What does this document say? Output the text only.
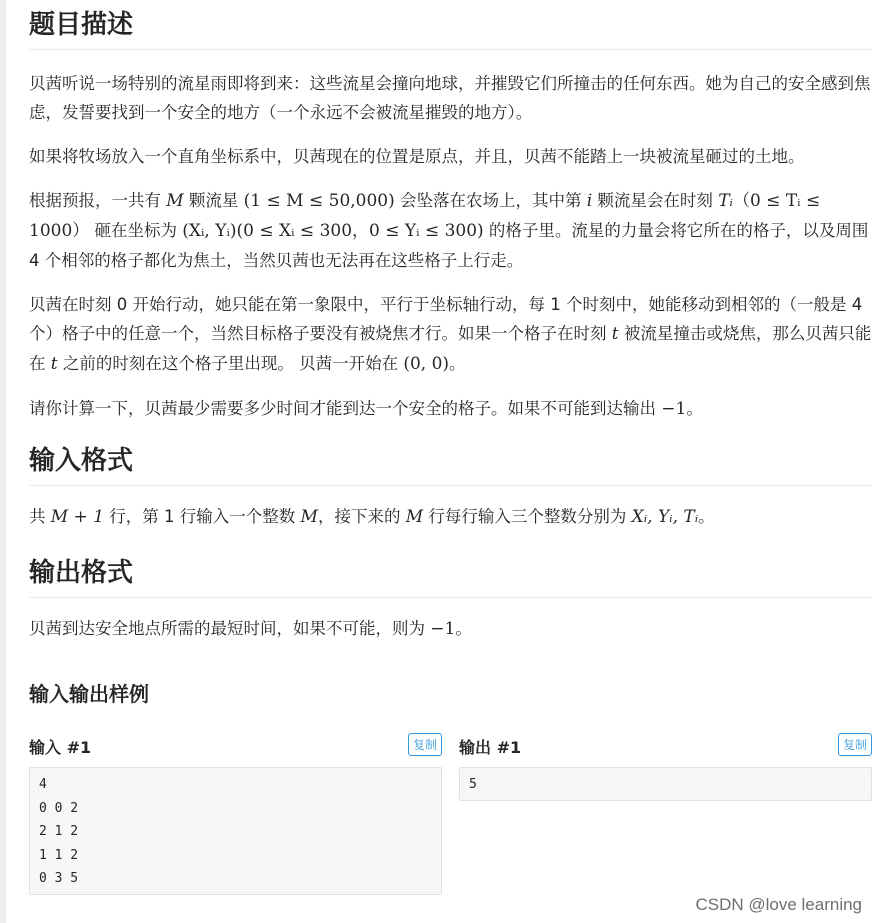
题目描述

贝茜听说一场特别的流星雨即将到来：这些流星会撞向地球，并摧毁它们所撞击的任何东西。她为自己的安全感到焦虑，发誓要找到一个安全的地方（一个永远不会被流星摧毁的地方）。

如果将牧场放入一个直角坐标系中，贝茜现在的位置是原点，并且，贝茜不能踏上一块被流星砸过的土地。

根据预报，一共有 M 颗流星 (1 ≤ M ≤ 50,000) 会坠落在农场上，其中第 i 颗流星会在时刻 Tᵢ（0 ≤ Tᵢ ≤ 1000） 砸在坐标为 (Xᵢ, Yᵢ)(0 ≤ Xᵢ ≤ 300，0 ≤ Yᵢ ≤ 300) 的格子里。流星的力量会将它所在的格子，以及周围 4 个相邻的格子都化为焦土，当然贝茜也无法再在这些格子上行走。

贝茜在时刻 0 开始行动，她只能在第一象限中，平行于坐标轴行动，每 1 个时刻中，她能移动到相邻的（一般是 4 个）格子中的任意一个，当然目标格子要没有被烧焦才行。如果一个格子在时刻 t 被流星撞击或烧焦，那么贝茜只能在 t 之前的时刻在这个格子里出现。 贝茜一开始在 (0, 0)。

请你计算一下，贝茜最少需要多少时间才能到达一个安全的格子。如果不可能到达输出 −1。

输入格式

共 M + 1 行，第 1 行输入一个整数 M，接下来的 M 行每行输入三个整数分别为 Xᵢ, Yᵢ, Tᵢ。

输出格式

贝茜到达安全地点所需的最短时间，如果不可能，则为 −1。

输入输出样例
输入 #1	复制
4
0 0 2
2 1 2
1 1 2
0 3 5
输出 #1	复制
5
CSDN @love learning
